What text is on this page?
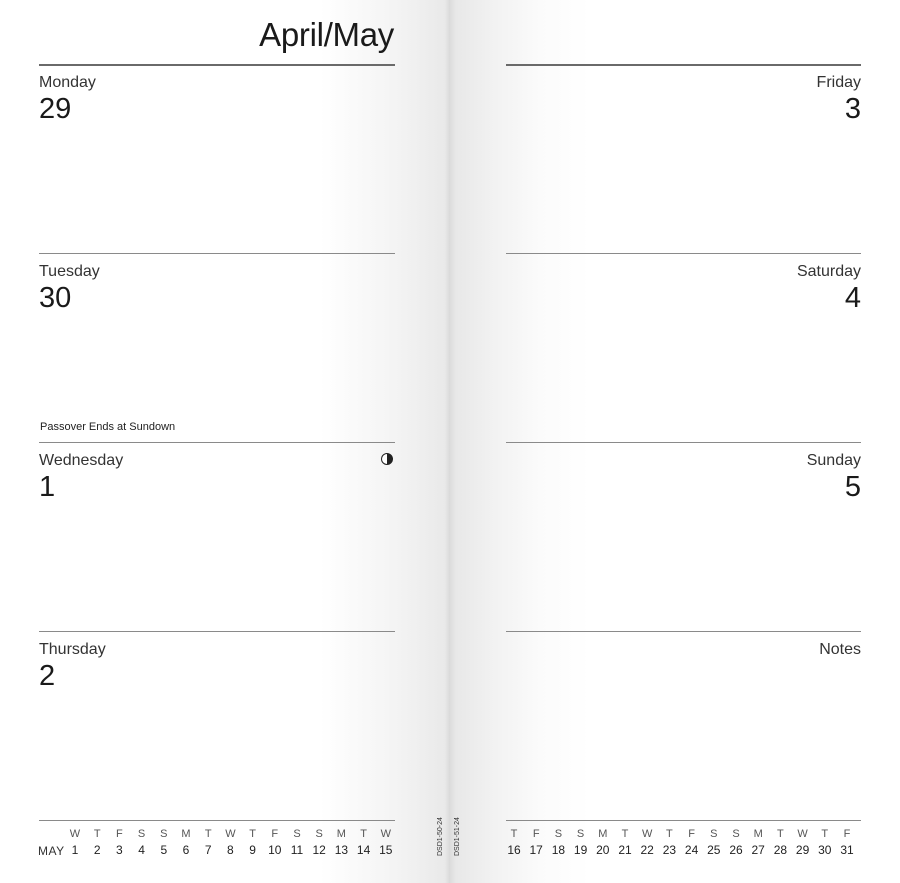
April/May
Monday
29
Tuesday
30
Passover Ends at Sundown
Wednesday
1
Thursday
2
MAY
W
1
T
2
F
3
S
4
S
5
M
6
T
7
W
8
T
9
F
10
S
11
S
12
M
13
T
14
W
15	DSD1-50-24 DSD1-51-24
Friday
3
Saturday
4
Sunday
5
Notes
T
16
F
17
S
18
S
19
M
20
T
21
W
22
T
23
F
24
S
25
S
26
M
27
T
28
W
29
T
30
F
31
